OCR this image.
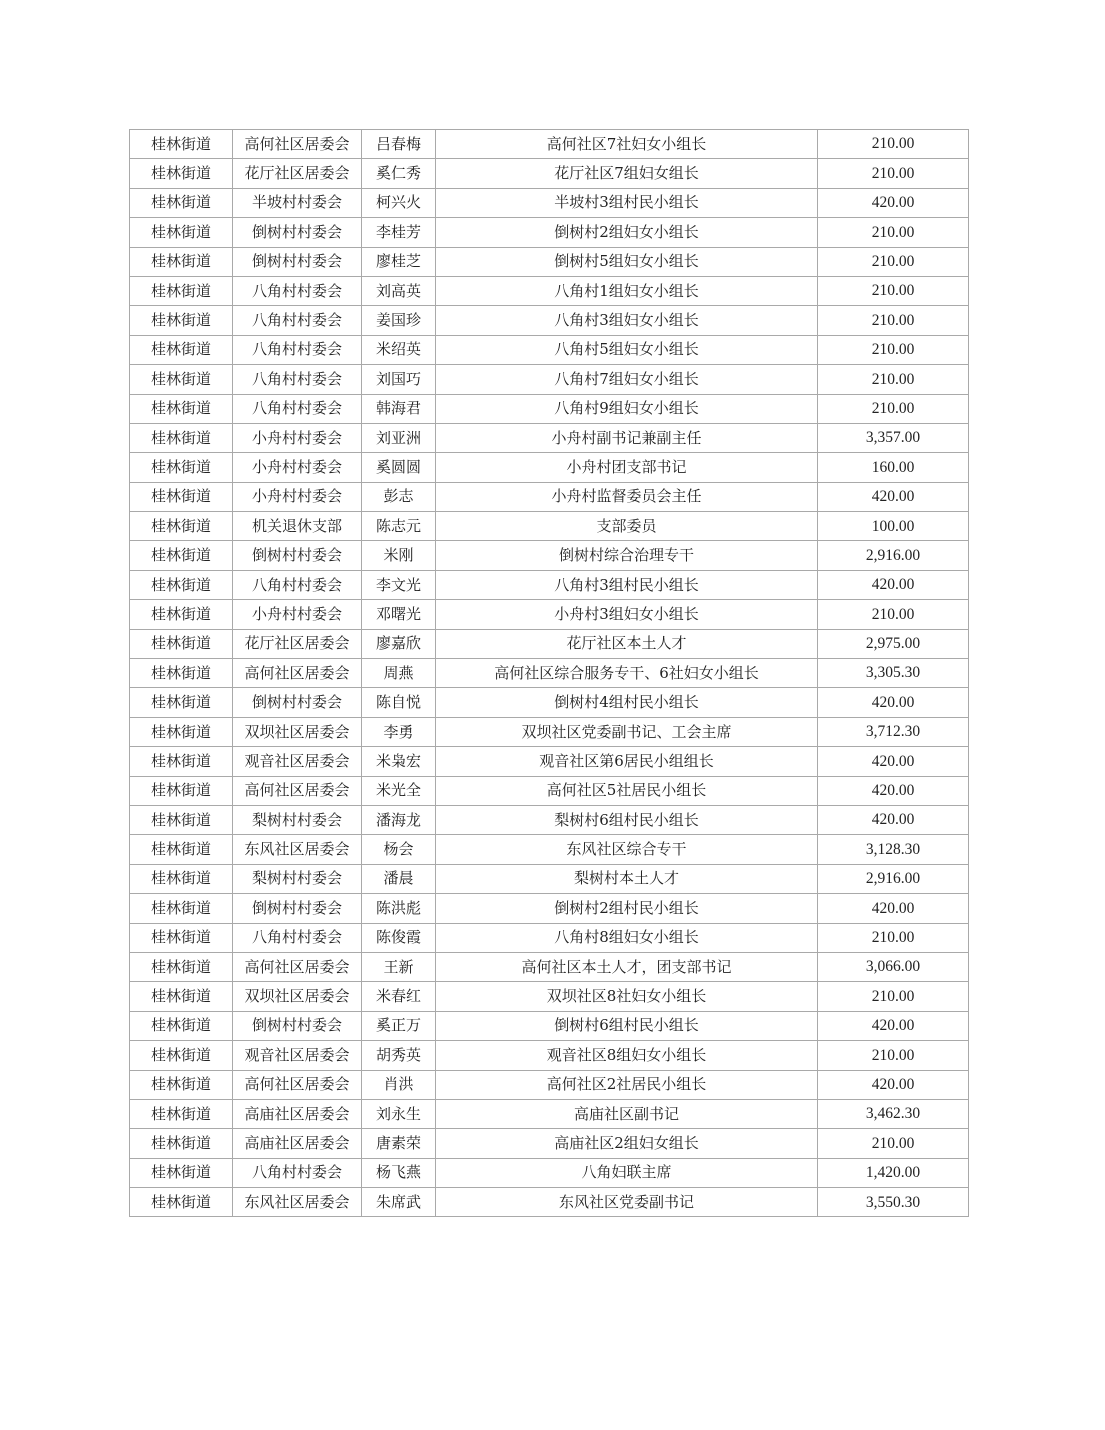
桂林街道	高何社区居委会	吕春梅	高何社区7社妇女小组长	210.00
桂林街道	花厅社区居委会	奚仁秀	花厅社区7组妇女组长	210.00
桂林街道	半坡村村委会	柯兴火	半坡村3组村民小组长	420.00
桂林街道	倒树村村委会	李桂芳	倒树村2组妇女小组长	210.00
桂林街道	倒树村村委会	廖桂芝	倒树村5组妇女小组长	210.00
桂林街道	八角村村委会	刘高英	八角村1组妇女小组长	210.00
桂林街道	八角村村委会	姜国珍	八角村3组妇女小组长	210.00
桂林街道	八角村村委会	米绍英	八角村5组妇女小组长	210.00
桂林街道	八角村村委会	刘国巧	八角村7组妇女小组长	210.00
桂林街道	八角村村委会	韩海君	八角村9组妇女小组长	210.00
桂林街道	小舟村村委会	刘亚洲	小舟村副书记兼副主任	3,357.00
桂林街道	小舟村村委会	奚圆圆	小舟村团支部书记	160.00
桂林街道	小舟村村委会	彭志	小舟村监督委员会主任	420.00
桂林街道	机关退休支部	陈志元	支部委员	100.00
桂林街道	倒树村村委会	米刚	倒树村综合治理专干	2,916.00
桂林街道	八角村村委会	李文光	八角村3组村民小组长	420.00
桂林街道	小舟村村委会	邓曙光	小舟村3组妇女小组长	210.00
桂林街道	花厅社区居委会	廖嘉欣	花厅社区本土人才	2,975.00
桂林街道	高何社区居委会	周燕	高何社区综合服务专干、6社妇女小组长	3,305.30
桂林街道	倒树村村委会	陈自悦	倒树村4组村民小组长	420.00
桂林街道	双坝社区居委会	李勇	双坝社区党委副书记、工会主席	3,712.30
桂林街道	观音社区居委会	米枭宏	观音社区第6居民小组组长	420.00
桂林街道	高何社区居委会	米光全	高何社区5社居民小组长	420.00
桂林街道	梨树村村委会	潘海龙	梨树村6组村民小组长	420.00
桂林街道	东风社区居委会	杨会	东风社区综合专干	3,128.30
桂林街道	梨树村村委会	潘晨	梨树村本土人才	2,916.00
桂林街道	倒树村村委会	陈洪彪	倒树村2组村民小组长	420.00
桂林街道	八角村村委会	陈俊霞	八角村8组妇女小组长	210.00
桂林街道	高何社区居委会	王新	高何社区本土人才，团支部书记	3,066.00
桂林街道	双坝社区居委会	米春红	双坝社区8社妇女小组长	210.00
桂林街道	倒树村村委会	奚正万	倒树村6组村民小组长	420.00
桂林街道	观音社区居委会	胡秀英	观音社区8组妇女小组长	210.00
桂林街道	高何社区居委会	肖洪	高何社区2社居民小组长	420.00
桂林街道	高庙社区居委会	刘永生	高庙社区副书记	3,462.30
桂林街道	高庙社区居委会	唐素荣	高庙社区2组妇女组长	210.00
桂林街道	八角村村委会	杨飞燕	八角妇联主席	1,420.00
桂林街道	东风社区居委会	朱席武	东风社区党委副书记	3,550.30
